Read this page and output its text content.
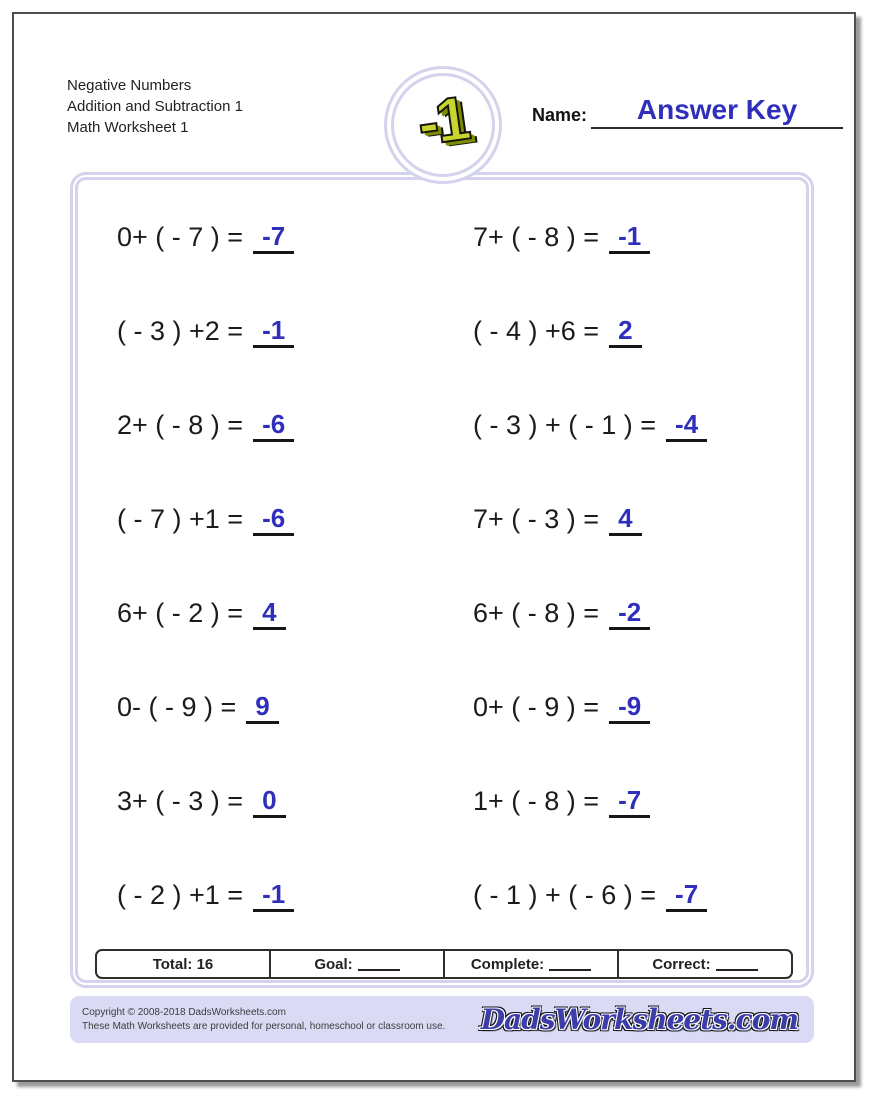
Negative Numbers
Addition and Subtraction 1
Math Worksheet 1	-1	Name:	Answer Key
0+ ( - 7 ) = -7	7+ ( - 8 ) = -1
( - 3 ) +2 = -1	( - 4 ) +6 = 2
2+ ( - 8 ) = -6	( - 3 ) + ( - 1 ) = -4
( - 7 ) +1 = -6	7+ ( - 3 ) = 4
6+ ( - 2 ) = 4	6+ ( - 8 ) = -2
0- ( - 9 ) = 9	0+ ( - 9 ) = -9
3+ ( - 3 ) = 0	1+ ( - 8 ) = -7
( - 2 ) +1 = -1	( - 1 ) + ( - 6 ) = -7
Total: 16	Goal:	Complete:	Correct:
Copyright © 2008-2018 DadsWorksheets.com
These Math Worksheets are provided for personal, homeschool or classroom use. DadsWorksheets.com
